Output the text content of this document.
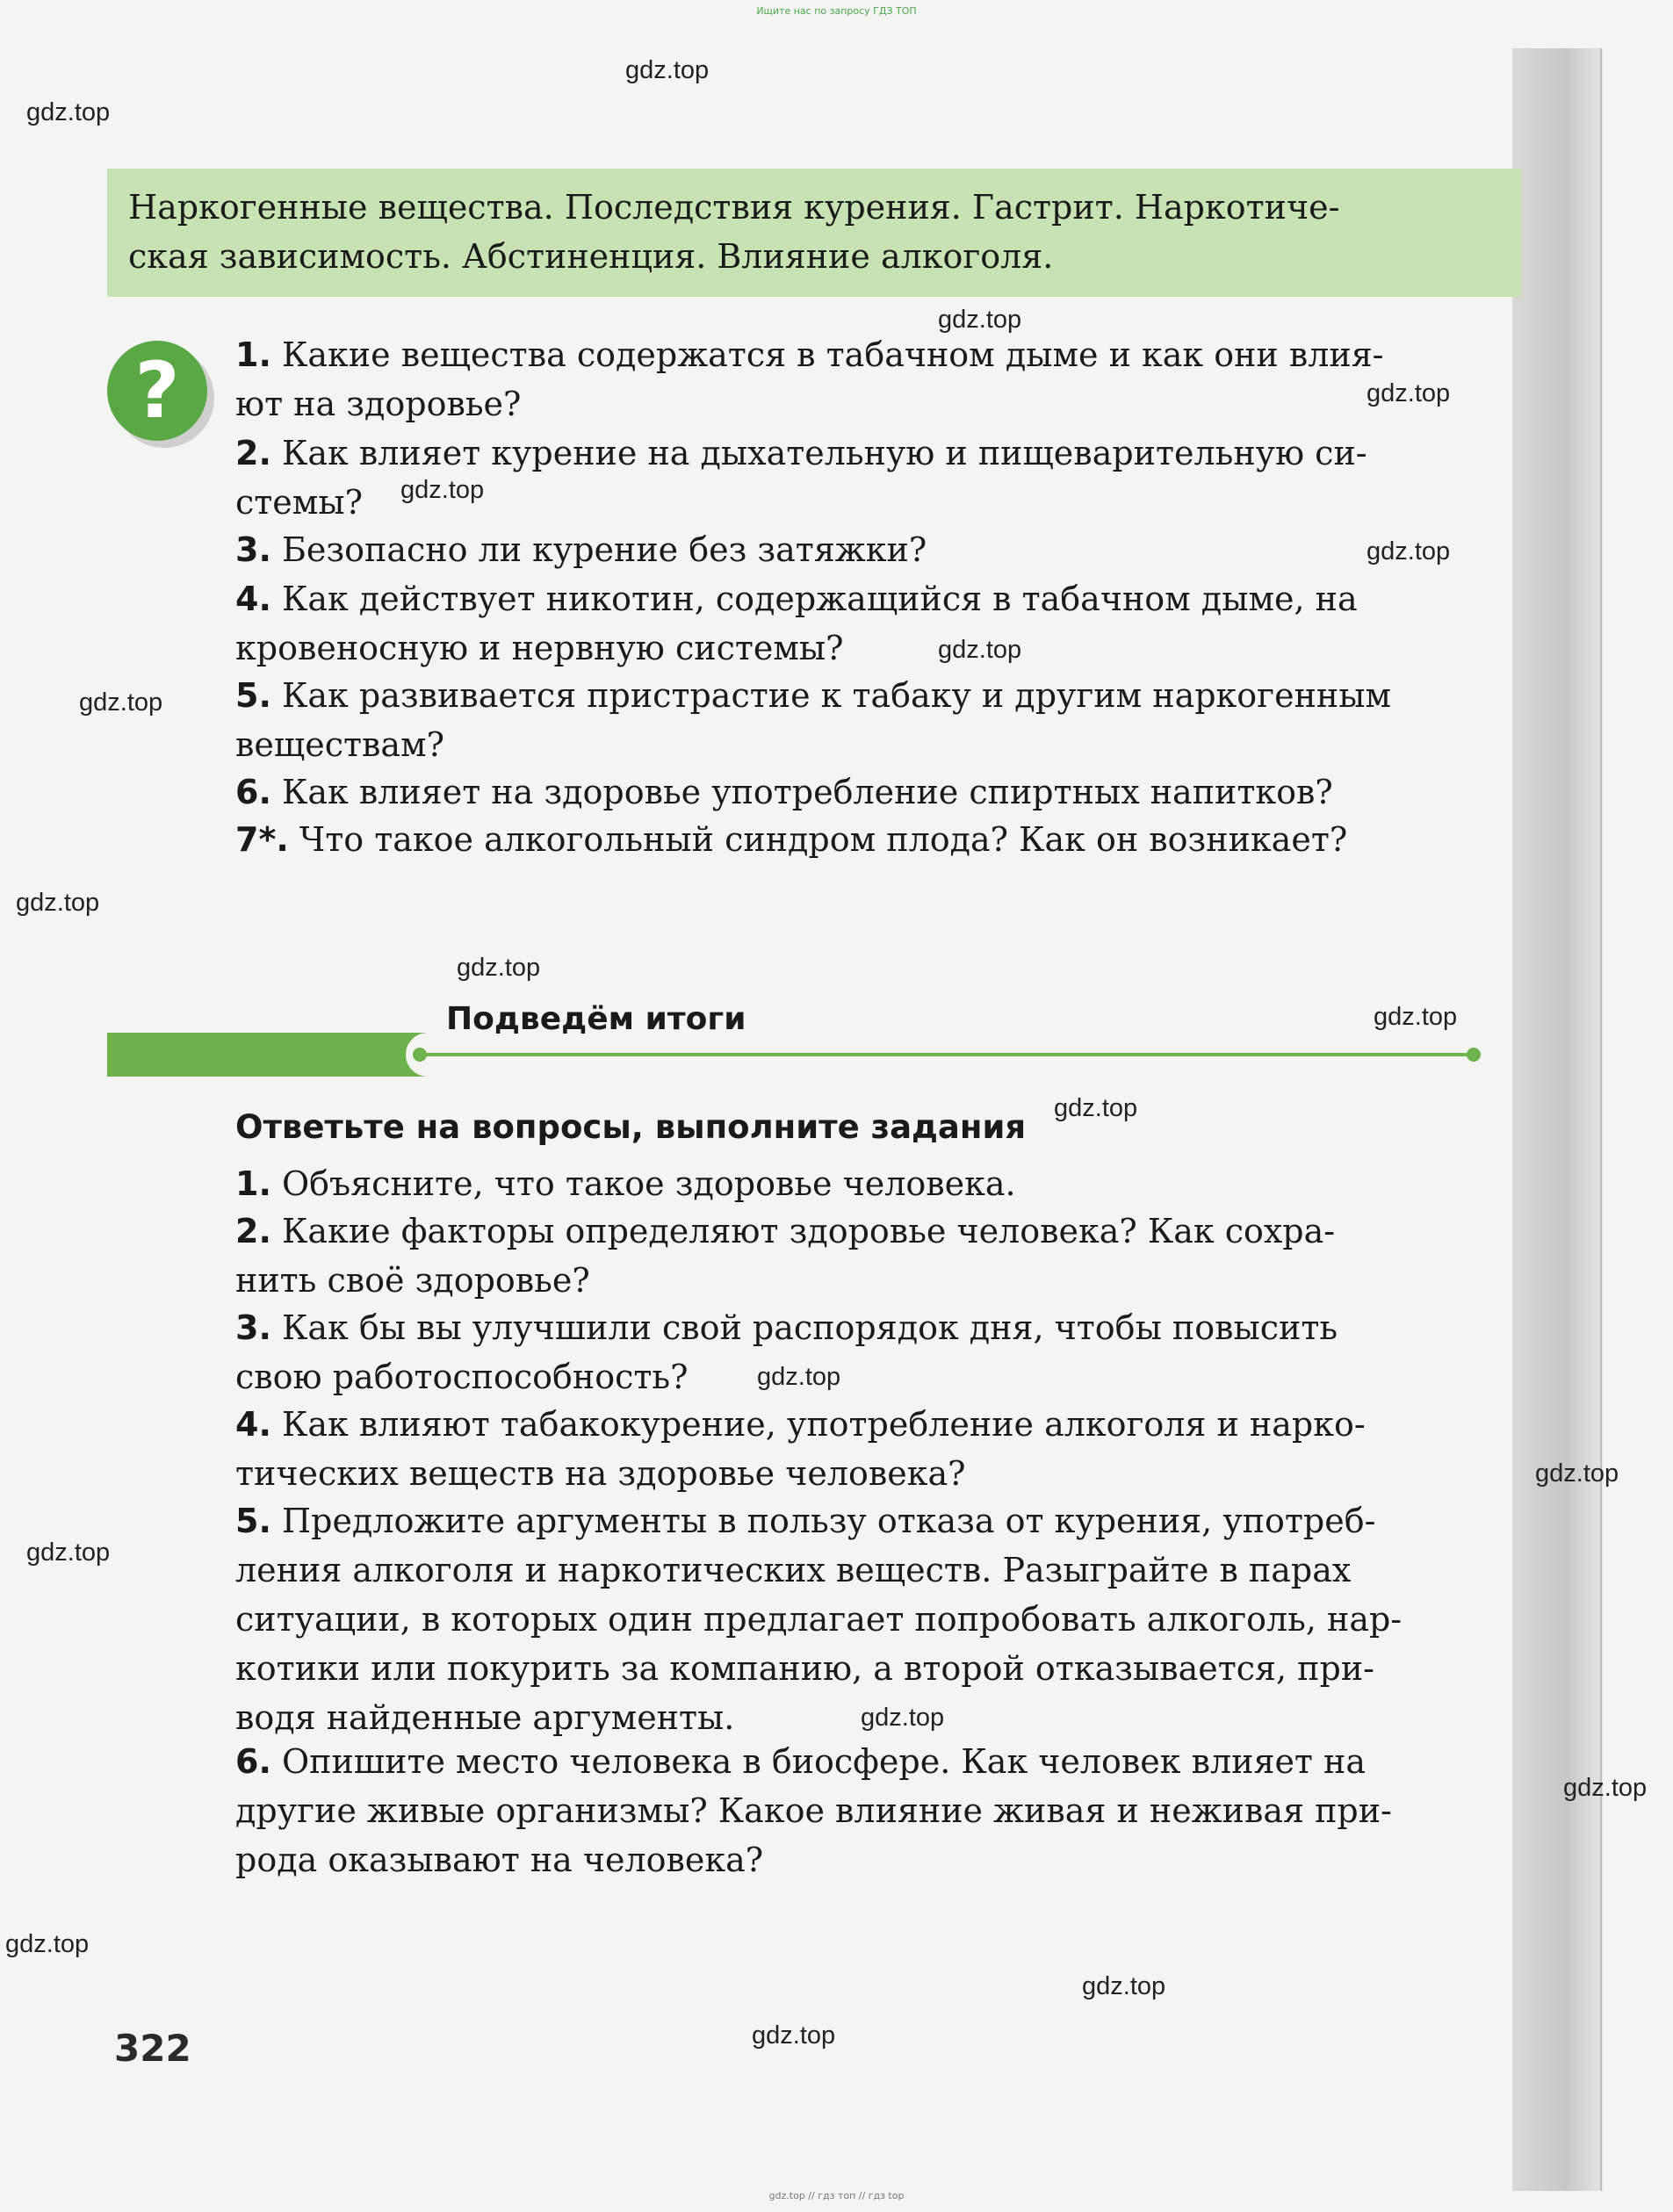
Ищите нас по запросу ГДЗ ТОП
Наркогенные вещества. Последствия курения. Гастрит. Наркотиче-
ская зависимость. Абстиненция. Влияние алкоголя.
?	1. Какие вещества содержатся в табачном дыме и как они влия-
ют на здоровье?
2. Как влияет курение на дыхательную и пищеварительную си-
стемы?
3. Безопасно ли курение без затяжки?
4. Как действует никотин, содержащийся в табачном дыме, на
кровеносную и нервную системы?
5. Как развивается пристрастие к табаку и другим наркогенным
веществам?
6. Как влияет на здоровье употребление спиртных напитков?
7*. Что такое алкогольный синдром плода? Как он возникает?
Подведём итоги
Ответьте на вопросы, выполните задания
1. Объясните, что такое здоровье человека.
2. Какие факторы определяют здоровье человека? Как сохра-
нить своё здоровье?
3. Как бы вы улучшили свой распорядок дня, чтобы повысить
свою работоспособность?
4. Как влияют табакокурение, употребление алкоголя и нарко-
тических веществ на здоровье человека?
5. Предложите аргументы в пользу отказа от курения, употреб-
ления алкоголя и наркотических веществ. Разыграйте в парах
ситуации, в которых один предлагает попробовать алкоголь, нар-
котики или покурить за компанию, а второй отказывается, при-
водя найденные аргументы.
6. Опишите место человека в биосфере. Как человек влияет на
другие живые организмы? Какое влияние живая и неживая при-
рода оказывают на человека?
322
gdz.top
gdz.top
gdz.top
gdz.top
gdz.top
gdz.top
gdz.top
gdz.top
gdz.top
gdz.top
gdz.top
gdz.top
gdz.top
gdz.top
gdz.top
gdz.top
gdz.top
gdz.top
gdz.top
gdz.top
gdz.top // гдз топ // гдз top
